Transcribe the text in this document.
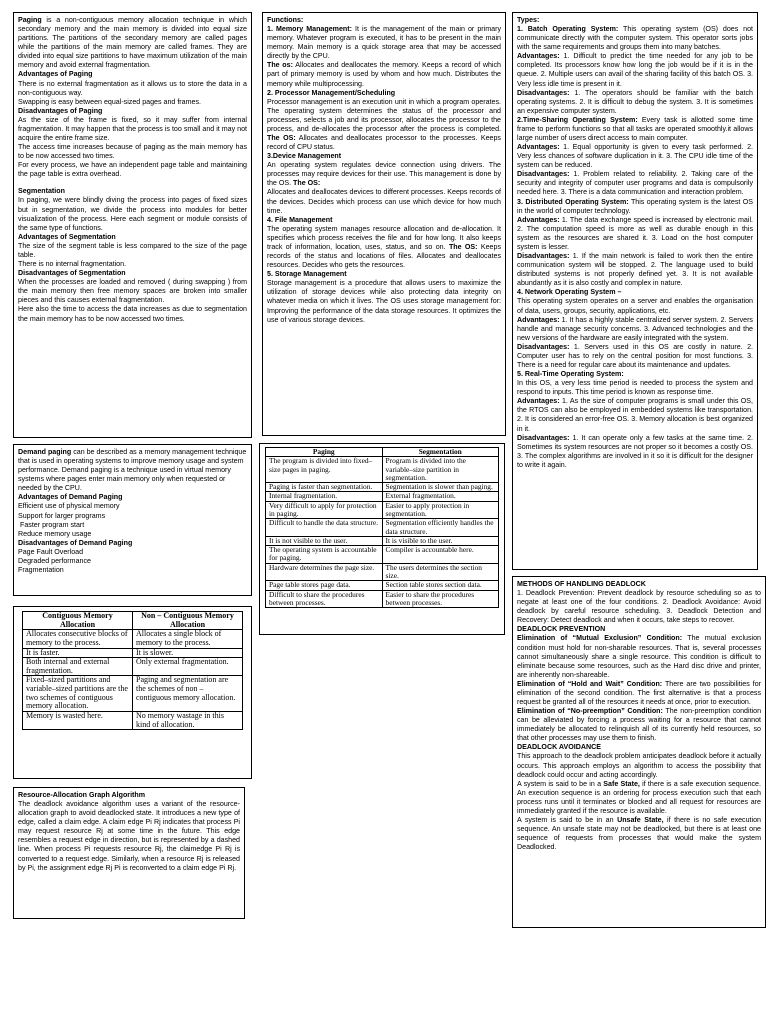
Paging is a non-contiguous memory allocation technique in which secondary memory and the main memory is divided into equal size partitions. The partitions of the secondary memory are called pages while the partitions of the main memory are called frames. They are divided into equal size partitions to have maximum utilization of the main memory and avoid external fragmentation.

Advantages of Paging

There is no external fragmentation as it allows us to store the data in a non-contiguous way.

Swapping is easy between equal-sized pages and frames.

Disadvantages of Paging

As the size of the frame is fixed, so it may suffer from internal fragmentation. It may happen that the process is too small and it may not acquire the entire frame size.

The access time increases because of paging as the main memory has to be now accessed two times.

For every process, we have an independent page table and maintaining the page table is extra overhead.

Segmentation

In paging, we were blindly diving the process into pages of fixed sizes but in segmentation, we divide the process into modules for better visualization of the process. Here each segment or module consists of the same type of functions.

Advantages of Segmentation

The size of the segment table is less compared to the size of the page table.

There is no internal fragmentation.

Disadvantages of Segmentation

When the processes are loaded and removed ( during swapping ) from the main memory then free memory spaces are broken into smaller pieces and this causes external fragmentation.

Here also the time to access the data increases as due to segmentation the main memory has to be now accessed two times.

Functions:

1. Memory Management: It is the management of the main or primary memory. Whatever program is executed, it has to be present in the main memory. Main memory is a quick storage area that may be accessed directly by the CPU.

The os: Allocates and deallocates the memory. Keeps a record of which part of primary memory is used by whom and how much. Distributes the memory while multiprocessing.

2. Processor Management/Scheduling

Processor management is an execution unit in which a program operates. The operating system determines the status of the processor and processes, selects a job and its processor, allocates the processor to the process, and de-allocates the processor after the process is completed. The OS: Allocates and deallocates processor to the processes. Keeps record of CPU status.

3.Device Management

An operating system regulates device connection using drivers. The processes may require devices for their use. This management is done by the OS. The OS:

Allocates and deallocates devices to different processes. Keeps records of the devices. Decides which process can use which device for how much time.

4. File Management

The operating system manages resource allocation and de-allocation. It specifies which process receives the file and for how long. It also keeps track of information, location, uses, status, and so on. The OS: Keeps records of the status and locations of files. Allocates and deallocates resources. Decides who gets the resources.

5. Storage Management

Storage management is a procedure that allows users to maximize the utilization of storage devices while also protecting data integrity on whatever media on which it lives. The OS uses storage management for: Improving the performance of the data storage resources. It optimizes the use of various storage devices.

Types:

1. Batch Operating System: This operating system (OS) does not communicate directly with the computer system. This operator sorts jobs with the same requirements and groups them into many batches.

Advantages: 1. Difficult to predict the time needed for any job to be completed. Its processors know how long the job would be if it is in the queue. 2. Multiple users can avail of the sharing facility of this batch OS. 3. Very less idle time is present in it.

Disadvantages: 1. The operators should be familiar with the batch operating systems. 2. It is difficult to debug the system. 3. It is sometimes an expensive computer system.

2.Time-Sharing Operating System: Every task is allotted some time frame to perform functions so that all tasks are operated smoothly.it allows large number of users direct access to main computer.

Advantages: 1. Equal opportunity is given to every task performed. 2. Very less chances of software duplication in it. 3. The CPU idle time of the system can be reduced.

Disadvantages: 1. Problem related to reliability. 2. Taking care of the security and integrity of computer user programs and data is compulsorily needed here. 3. There is a data communication and interaction problem.

3. Distributed Operating System: This operating system is the latest OS in the world of computer technology.

Advantages: 1. The data exchange speed is increased by electronic mail. 2. The computation speed is more as well as durable enough in this system as the resources are shared it. 3. Load on the host computer system is lesser.

Disadvantages: 1. If the main network is failed to work then the entire communication system will be stopped. 2. The language used to build distributed systems is not properly defined yet. 3. It is not available abundantly as it is also costly and complex in nature.

4. Network Operating System –

This operating system operates on a server and enables the organisation of data, users, groups, security, applications, etc.

Advantages: 1. It has a highly stable centralized server system. 2. Servers handle and manage security concerns. 3. Advanced technologies and the new versions of the hardware are easily integrated with the system.

Disadvantages: 1. Servers used in this OS are costly in nature. 2. Computer user has to rely on the central position for most functions. 3. There is a need for regular care about its maintenance and updates.

5. Real-Time Operating System:

In this OS, a very less time period is needed to process the system and respond to inputs. This time period is known as response time.

Advantages: 1. As the size of computer programs is small under this OS, the RTOS can also be employed in embedded systems like transportation. 2. It is considered an error-free OS. 3. Memory allocation is best organized in it.

Disadvantages: 1. It can operate only a few tasks at the same time. 2. Sometimes its system resources are not proper so it becomes a costly OS. 3. The complex algorithms are involved in it so it is difficult for the designer to write it again.

Demand paging can be described as a memory management technique that is used in operating systems to improve memory usage and system performance. Demand paging is a technique used in virtual memory systems where pages enter main memory only when requested or needed by the CPU.

Advantages of Demand Paging

Efficient use of physical memory

Support for larger programs

Faster program start

Reduce memory usage

Disadvantages of Demand Paging

Page Fault Overload

Degraded performance

Fragmentation

Paging	Segmentation
The program is divided into fixed–size pages in paging.	Program is divided into the variable–size partition in segmentation.
Paging is faster than segmentation.	Segmentation is slower than paging.
Internal fragmentation.	External fragmentation.
Very difficult to apply for protection in paging.	Easier to apply protection in segmentation.
Difficult to handle the data structure.	Segmentation efficiently handles the data structure.
It is not visible to the user.	It is visible to the user.
The operating system is accountable for paging.	Compiler is accountable here.
Hardware determines the page size.	The users determines the section size.
Page table stores page data.	Section table stores section data.
Difficult to share the procedures between processes.	Easier to share the procedures between processes.
Contiguous Memory Allocation	Non – Contiguous Memory Allocation
Allocates consecutive blocks of memory to the process.	Allocates a single block of memory to the process.
It is faster.	It is slower.
Both internal and external fragmentation.	Only external fragmentation.
Fixed–sized partitions and variable–sized partitions are the two schemes of contiguous memory allocation.	Paging and segmentation are the schemes of non – contiguous memory allocation.
Memory is wasted here.	No memory wastage in this kind of allocation.

Resource-Allocation Graph Algorithm

The deadlock avoidance algorithm uses a variant of the resource-allocation graph to avoid deadlocked state. It introduces a new type of edge, called a claim edge. A claim edge Pi Rj indicates that process Pi may request resource Rj at some time in the future. This edge resembles a request edge in direction, but is represented by a dashed line. When process Pi requests resource Rj, the claimedge Pi Rj is converted to a request edge. Similarly, when a resource Rj is released by Pi, the assignment edge Rj Pi is reconverted to a claim edge Pi Rj.

METHODS OF HANDLING DEADLOCK

1. Deadlock Prevention: Prevent deadlock by resource scheduling so as to negate at least one of the four conditions. 2. Deadlock Avoidance: Avoid deadlock by careful resource scheduling. 3. Deadlock Detection and Recovery: Detect deadlock and when it occurs, take steps to recover.

DEADLOCK PREVENTION

Elimination of “Mutual Exclusion” Condition: The mutual exclusion condition must hold for non-sharable resources. That is, several processes cannot simultaneously share a single resource. This condition is difficult to eliminate because some resources, such as the Hard disc drive and printer, are inherently non-shareable.

Elimination of “Hold and Wait” Condition: There are two possibilities for elimination of the second condition. The first alternative is that a process request be granted all of the resources it needs at once, prior to execution.

Elimination of “No-preemption” Condition: The non-preemption condition can be alleviated by forcing a process waiting for a resource that cannot immediately be allocated to relinquish all of its currently held resources, so that other processes may use them to finish.

DEADLOCK AVOIDANCE

This approach to the deadlock problem anticipates deadlock before it actually occurs. This approach employs an algorithm to access the possibility that deadlock could occur and acting accordingly.

A system is said to be in a Safe State, if there is a safe execution sequence. An execution sequence is an ordering for process execution such that each process runs until it terminates or blocked and all request for resources are immediately granted if the resource is available.

A system is said to be in an Unsafe State, if there is no safe execution sequence. An unsafe state may not be deadlocked, but there is at least one sequence of requests from processes that would make the system Deadlocked.
